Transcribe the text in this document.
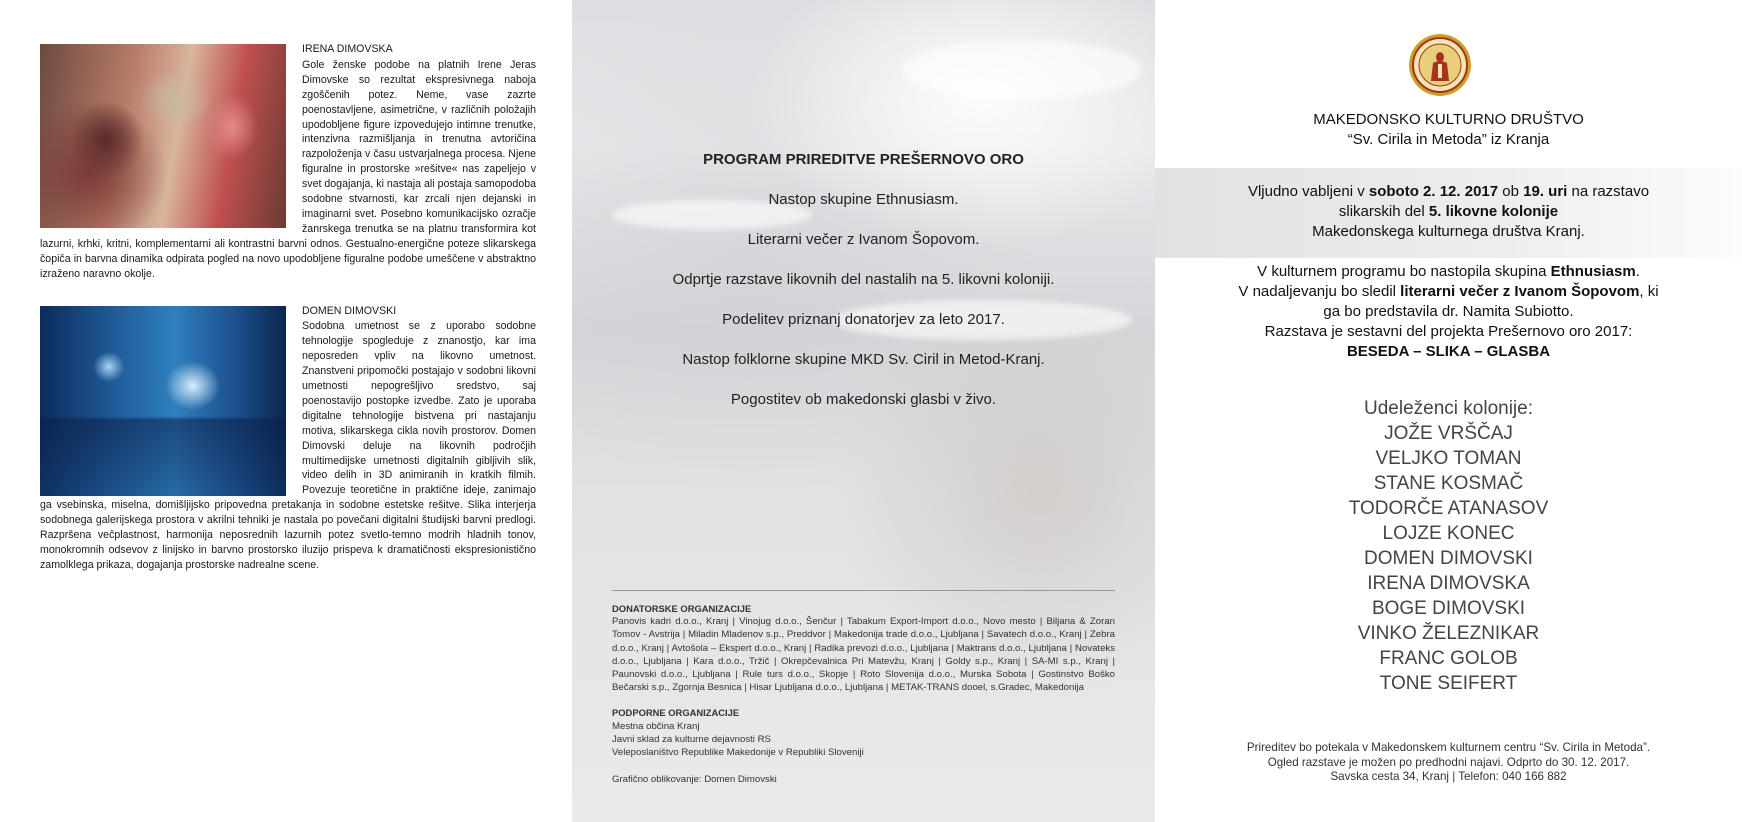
IRENA DIMOVSKA
Gole ženske podobe na platnih Irene Jeras Dimovske so rezultat ekspresivnega naboja zgoščenih potez. Neme, vase zazrte poenostavljene, asimetrične, v različnih položajih upodobljene figure izpovedujejo intimne trenutke, intenzivna razmišljanja in trenutna avtoričina razpoloženja v času ustvarjalnega procesa. Njene figuralne in prostorske »rešitve« nas zapeljejo v svet dogajanja, ki nastaja ali postaja samopodoba sodobne stvarnosti, kar zrcali njen dejanski in imaginarni svet. Posebno komunikacijsko ozračje žanrskega trenutka se na platnu transformira kot lazurni, krhki, kritni, komplementarni ali kontrastni barvni odnos. Gestualno-energične poteze slikarskega čopiča in barvna dinamika odpirata pogled na novo upodobljene figuralne podobe umeščene v abstraktno izraženo naravno okolje.
DOMEN DIMOVSKI
Sodobna umetnost se z uporabo sodobne tehnologije spogleduje z znanostjo, kar ima neposreden vpliv na likovno umetnost. Znanstveni pripomočki postajajo v sodobni likovni umetnosti nepogrešljivo sredstvo, saj poenostavijo postopke izvedbe. Zato je uporaba digitalne tehnologije bistvena pri nastajanju motiva, slikarskega cikla novih prostorov. Domen Dimovski deluje na likovnih področjih multimedijske umetnosti digitalnih gibljivih slik, video delih in 3D animiranih in kratkih filmih. Povezuje teoretične in praktične ideje, zanimajo ga vsebinska, miselna, domišljijsko pripovedna pretakanja in sodobne estetske rešitve. Slika interjerja sodobnega galerijskega prostora v akrilni tehniki je nastala po povečani digitalni študijski barvni predlogi. Razpršena večplastnost, harmonija neposrednih lazurnih potez svetlo-temno modrih hladnih tonov, monokromnih odsevov z linijsko in barvno prostorsko iluzijo prispeva k dramatičnosti ekspresionistično zamolklega prikaza, dogajanja prostorske nadrealne scene.
PROGRAM PRIREDITVE PREŠERNOVO ORO
Nastop skupine Ethnusiasm.
Literarni večer z Ivanom Šopovom.
Odprtje razstave likovnih del nastalih na 5. likovni koloniji.
Podelitev priznanj donatorjev za leto 2017.
Nastop folklorne skupine MKD Sv. Ciril in Metod-Kranj.
Pogostitev ob makedonski glasbi v živo.
DONATORSKE ORGANIZACIJE
Panovis kadri d.o.o., Kranj | Vinojug d.o.o., Šenčur | Tabakum Export-Import d.o.o., Novo mesto | Biljana & Zoran Tomov - Avstrija | Miladin Mladenov s.p., Preddvor | Makedonija trade d.o.o., Ljubljana | Savatech d.o.o., Kranj | Zebra d.o.o., Kranj | Avtošola – Ekspert d.o.o., Kranj | Radika prevozi d.o.o., Ljubljana | Maktrans d.o.o., Ljubljana | Novateks d.o.o., Ljubljana | Kara d.o.o., Tržič | Okrepčevalnica Pri Matevžu, Kranj | Goldy s.p., Kranj | SA-MI s.p., Kranj | Paunovski d.o.o., Ljubljana | Rule turs d.o.o., Skopje | Roto Slovenija d.o.o., Murska Sobota | Gostinstvo Boško Bečarski s.p., Zgornja Besnica | Hisar Ljubljana d.o.o., Ljubljana | METAK-TRANS dooel, s.Gradec, Makedonija
PODPORNE ORGANIZACIJE
Mestna občina Kranj
Javni sklad za kulturne dejavnosti RS
Veleposlaništvo Republike Makedonije v Republiki Sloveniji
Grafično oblikovanje: Domen Dimovski
MAKEDONSKO KULTURNO DRUŠTVO
“Sv. Cirila in Metoda” iz Kranja
Vljudno vabljeni v soboto 2. 12. 2017 ob 19. uri na razstavo
slikarskih del 5. likovne kolonije
Makedonskega kulturnega društva Kranj.
V kulturnem programu bo nastopila skupina Ethnusiasm.
V nadaljevanju bo sledil literarni večer z Ivanom Šopovom, ki
ga bo predstavila dr. Namita Subiotto.
Razstava je sestavni del projekta Prešernovo oro 2017:
BESEDA – SLIKA – GLASBA
Udeleženci kolonije:
JOŽE VRŠČAJ
VELJKO TOMAN
STANE KOSMAČ
TODORČE ATANASOV
LOJZE KONEC
DOMEN DIMOVSKI
IRENA DIMOVSKA
BOGE DIMOVSKI
VINKO ŽELEZNIKAR
FRANC GOLOB
TONE SEIFERT
Prireditev bo potekala v Makedonskem kulturnem centru “Sv. Cirila in Metoda”.
Ogled razstave je možen po predhodni najavi. Odprto do 30. 12. 2017.
Savska cesta 34, Kranj | Telefon: 040 166 882
